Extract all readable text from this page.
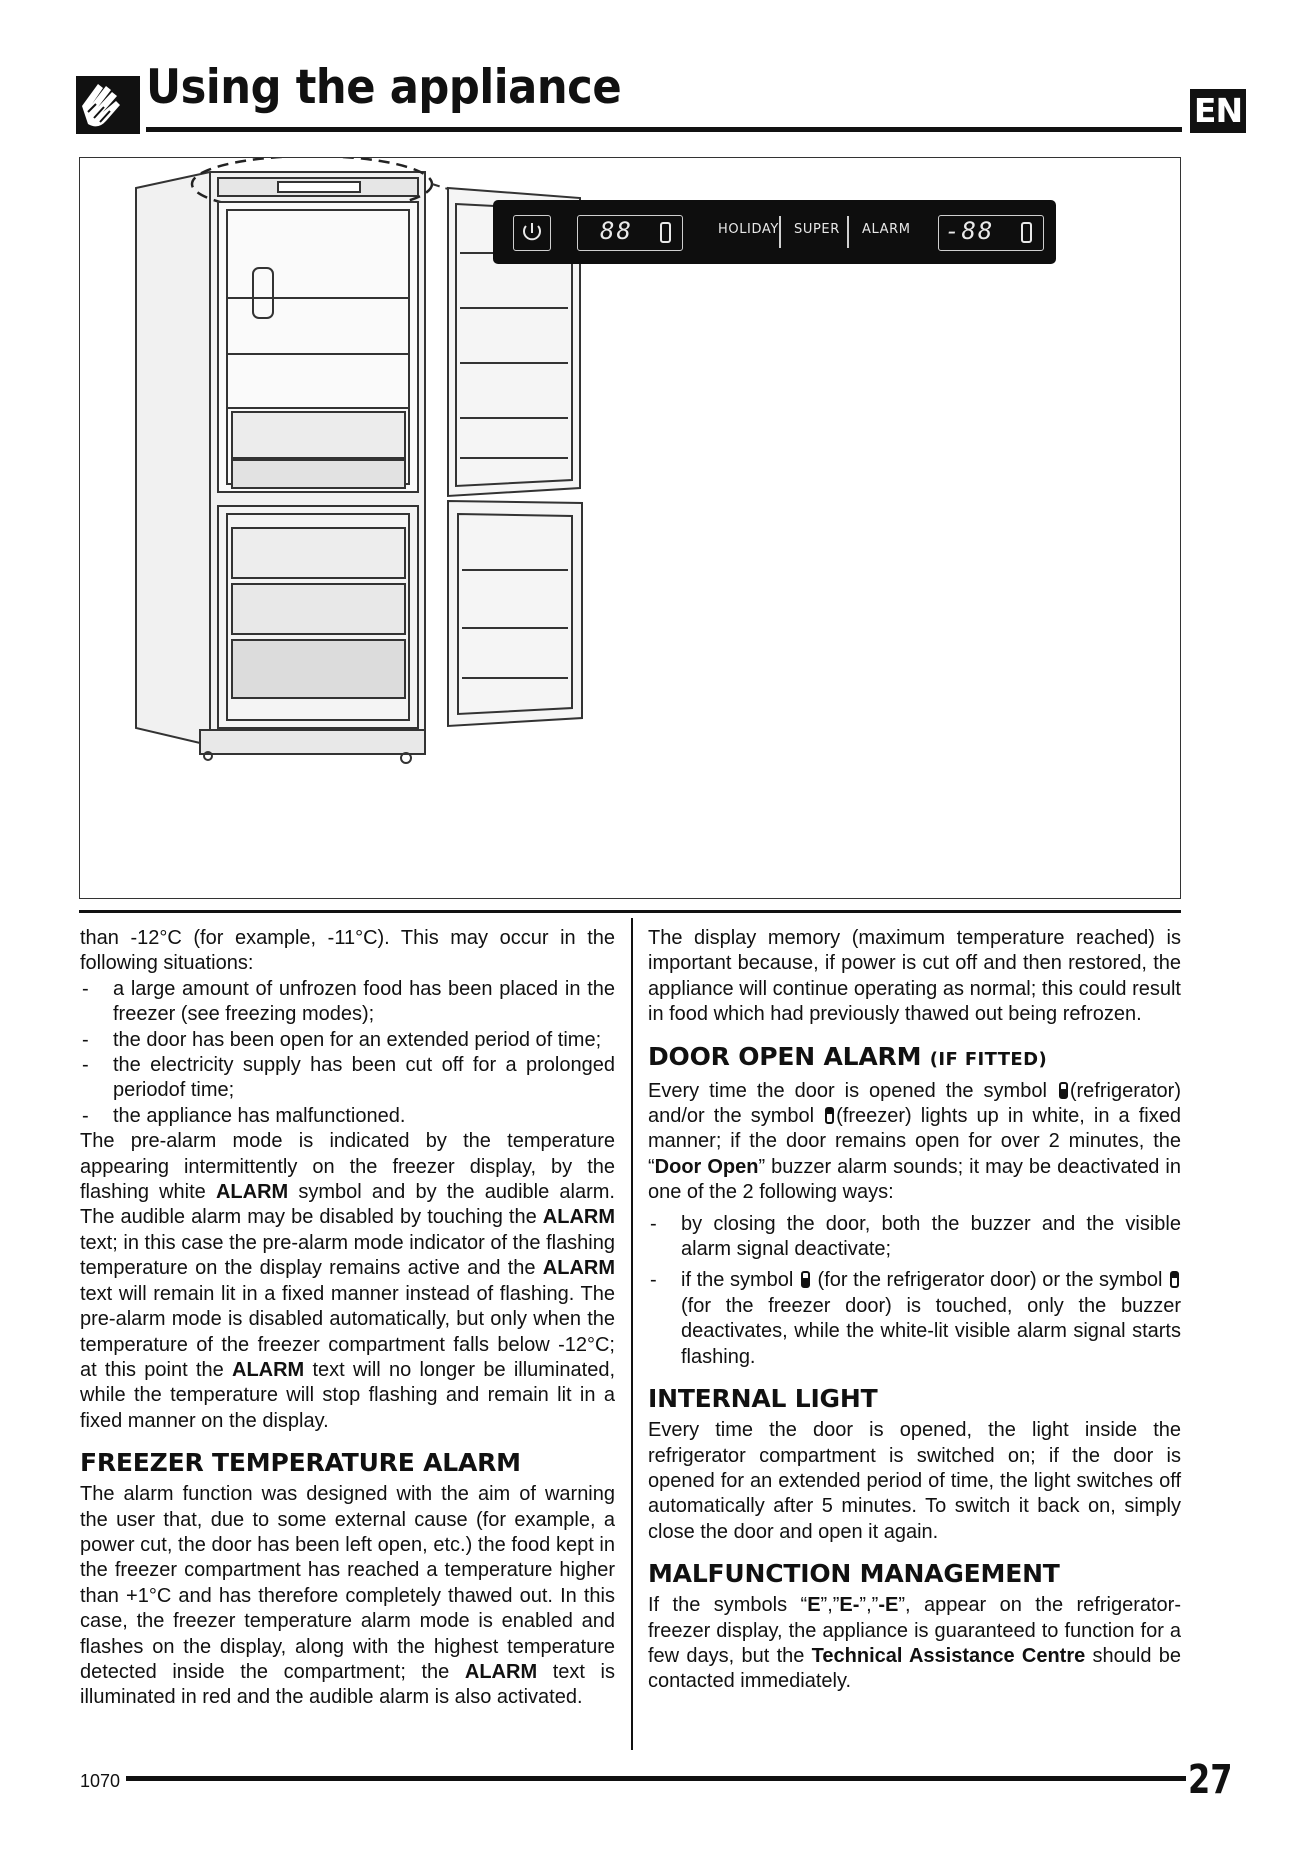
Using the appliance	EN
88	HOLIDAY SUPER ALARM -88

than -12°C (for example, -11°C). This may occur in the following situations:

- a large amount of unfrozen food has been placed in the freezer (see freezing modes);
- the door has been open for an extended period of time;
- the electricity supply has been cut off for a prolonged periodof time;
- the appliance has malfunctioned.

The pre-alarm mode is indicated by the temperature appearing intermittently on the freezer display, by the flashing white ALARM symbol and by the audible alarm. The audible alarm may be disabled by touching the ALARM text; in this case the pre-alarm mode indicator of the flashing temperature on the display remains active and the ALARM text will remain lit in a fixed manner instead of flashing. The pre-alarm mode is disabled automatically, but only when the temperature of the freezer compartment falls below -12°C; at this point the ALARM text will no longer be illuminated, while the temperature will stop flashing and remain lit in a fixed manner on the display.

FREEZER TEMPERATURE ALARM

The alarm function was designed with the aim of warning the user that, due to some external cause (for example, a power cut, the door has been left open, etc.) the food kept in the freezer compartment has reached a temperature higher than +1°C and has therefore completely thawed out. In this case, the freezer temperature alarm mode is enabled and flashes on the display, along with the highest temperature detected inside the compartment; the ALARM text is illuminated in red and the audible alarm is also activated.

The display memory (maximum temperature reached) is important because, if power is cut off and then restored, the appliance will continue operating as normal; this could result in food which had previously thawed out being refrozen.

DOOR OPEN ALARM (IF FITTED)

Every time the door is opened the symbol (refrigerator) and/or the symbol (freezer) lights up in white, in a fixed manner; if the door remains open for over 2 minutes, the “Door Open” buzzer alarm sounds; it may be deactivated in one of the 2 following ways:

- by closing the door, both the buzzer and the visible alarm signal deactivate;
- if the symbol  (for the refrigerator door) or the symbol (for the freezer door) is touched, only the buzzer deactivates, while the white-lit visible alarm signal starts flashing.
INTERNAL LIGHT

Every time the door is opened, the light inside the refrigerator compartment is switched on; if the door is opened for an extended period of time, the light switches off automatically after 5 minutes. To switch it back on, simply close the door and open it again.

MALFUNCTION MANAGEMENT

If the symbols “E”,”E-”,”-E”, appear on the refrigerator-freezer display, the appliance is guaranteed to function for a few days, but the Technical Assistance Centre should be contacted immediately.

1070	27
